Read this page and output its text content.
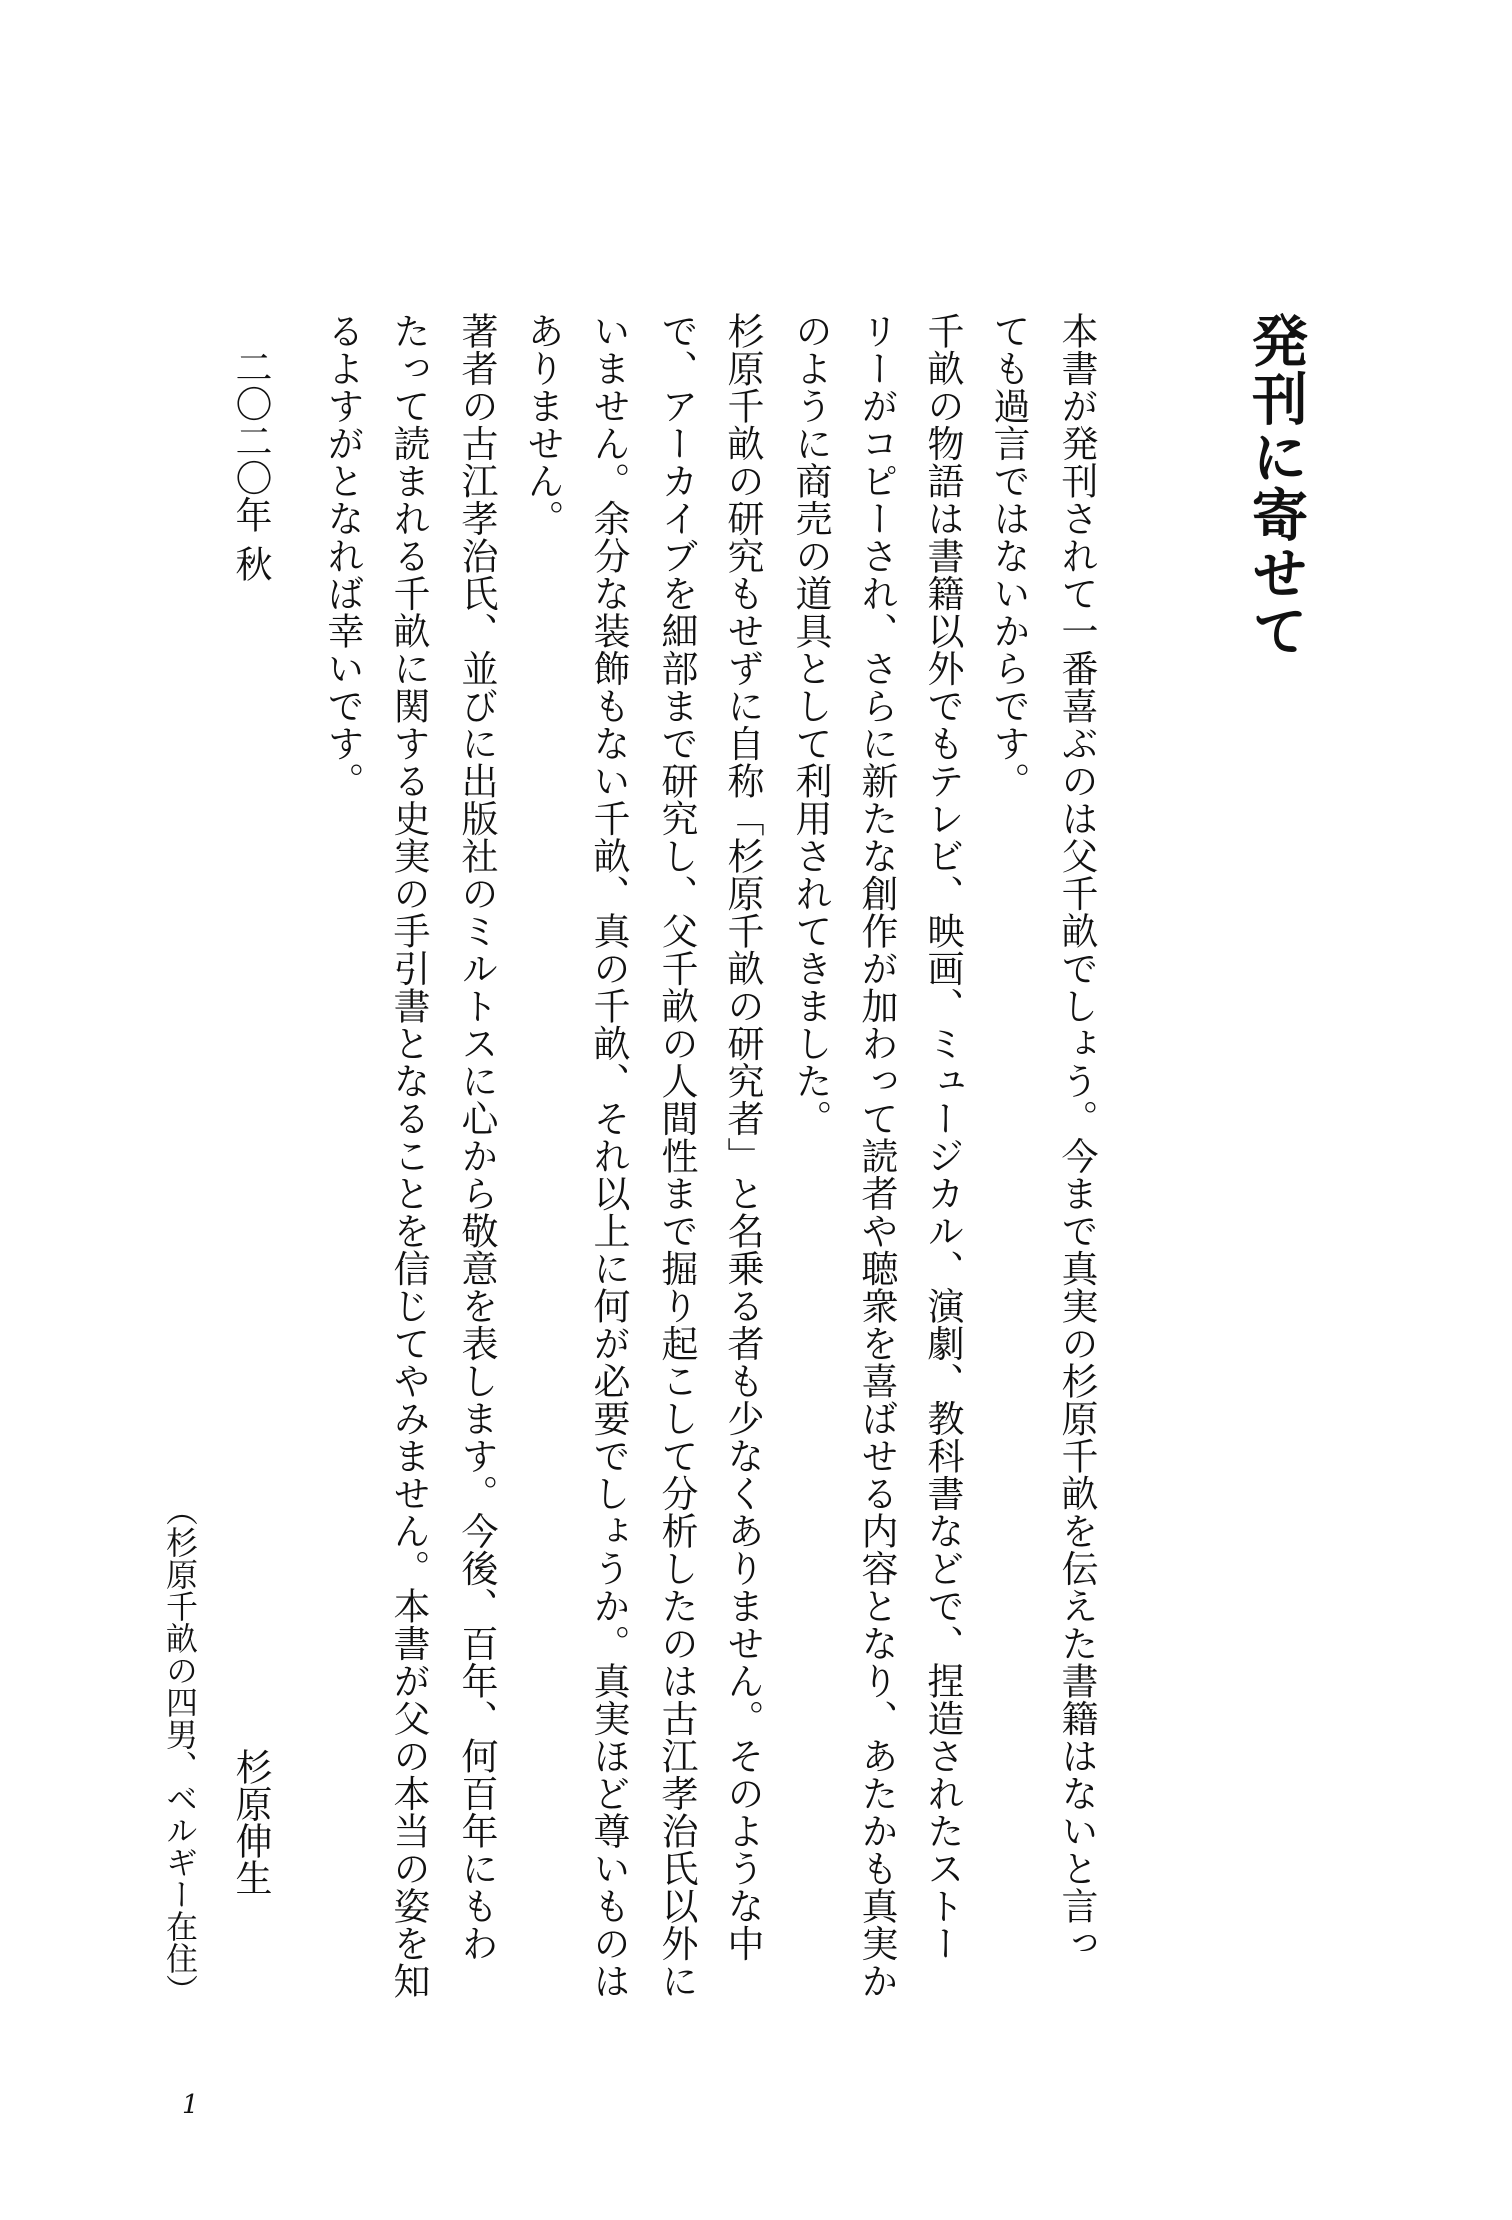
発刊に寄せて
本書が発刊されて一番喜ぶのは父千畝でしょう。今まで真実の杉原千畝を伝えた書籍はないと言っ
ても過言ではないからです。
千畝の物語は書籍以外でもテレビ、映画、ミュージカル、演劇、教科書などで、捏造されたストー
リーがコピーされ、さらに新たな創作が加わって読者や聴衆を喜ばせる内容となり、あたかも真実か
のように商売の道具として利用されてきました。
杉原千畝の研究もせずに自称「杉原千畝の研究者」と名乗る者も少なくありません。そのような中
で、アーカイブを細部まで研究し、父千畝の人間性まで掘り起こして分析したのは古江孝治氏以外に
いません。余分な装飾もない千畝、真の千畝、それ以上に何が必要でしょうか。真実ほど尊いものは
ありません。
著者の古江孝治氏、並びに出版社のミルトスに心から敬意を表します。今後、百年、何百年にもわ
たって読まれる千畝に関する史実の手引書となることを信じてやみません。本書が父の本当の姿を知
るよすがとなれば幸いです。
二〇二〇年 秋
杉原伸生
（杉原千畝の四男、ベルギー在住）
1
